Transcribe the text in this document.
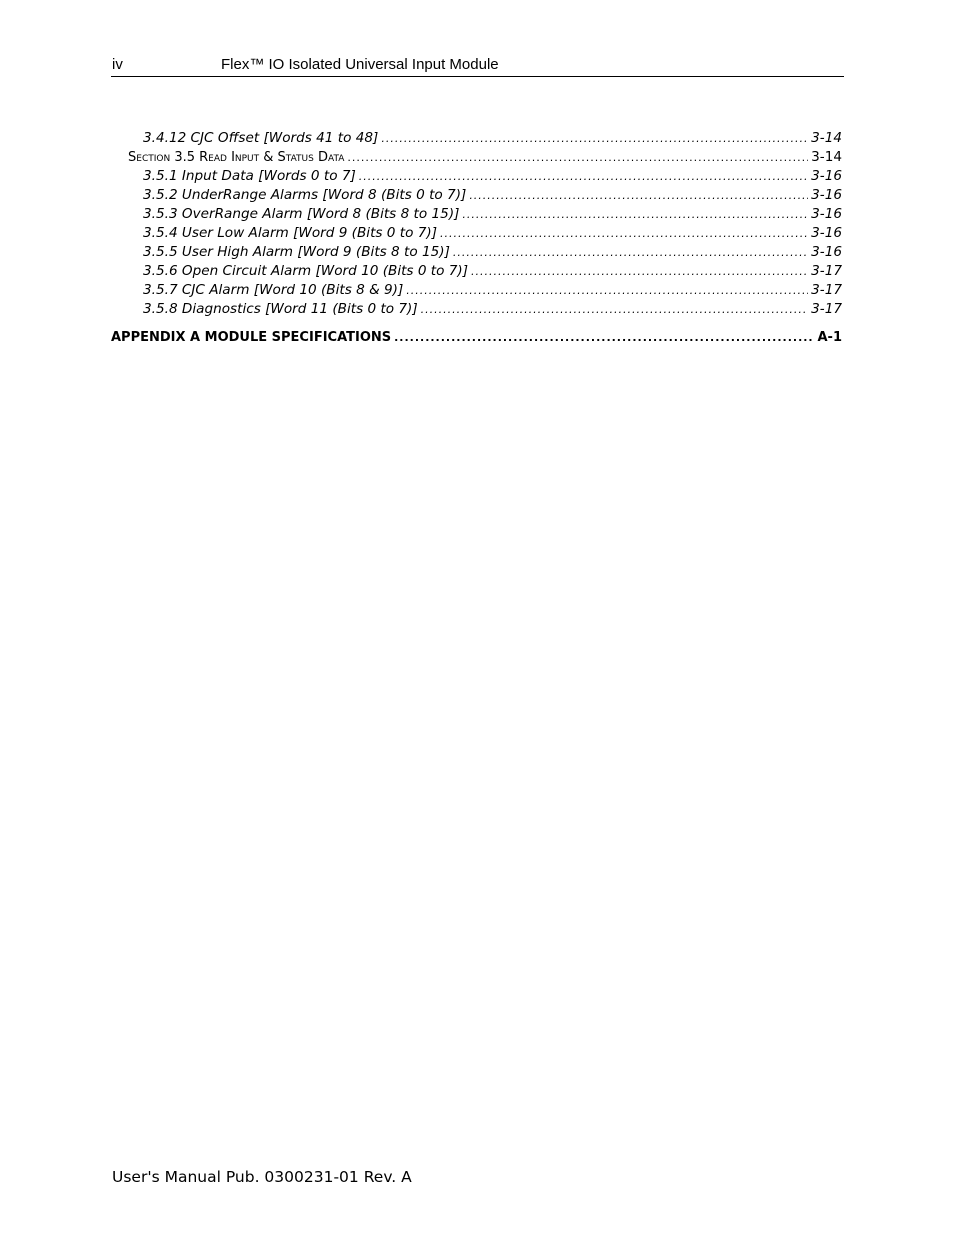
iv	Flex™ IO Isolated Universal Input Module
3.4.12 CJC Offset [Words 41 to 48] .....	3-14
Section 3.5 Read Input & Status Data .....	3-14
3.5.1 Input Data [Words 0 to 7] .....	3-16
3.5.2 UnderRange Alarms [Word 8 (Bits 0 to 7)] .....	3-16
3.5.3 OverRange Alarm [Word 8 (Bits 8 to 15)] .....	3-16
3.5.4 User Low Alarm [Word 9 (Bits 0 to 7)] .....	3-16
3.5.5 User High Alarm [Word 9 (Bits 8 to 15)] .....	3-16
3.5.6 Open Circuit Alarm [Word 10 (Bits 0 to 7)] .....	3-17
3.5.7 CJC Alarm [Word 10 (Bits 8 & 9)] .....	3-17
3.5.8 Diagnostics [Word 11 (Bits 0 to 7)] .....	3-17
APPENDIX A MODULE SPECIFICATIONS .....	A-1
User's Manual Pub. 0300231-01 Rev. A
